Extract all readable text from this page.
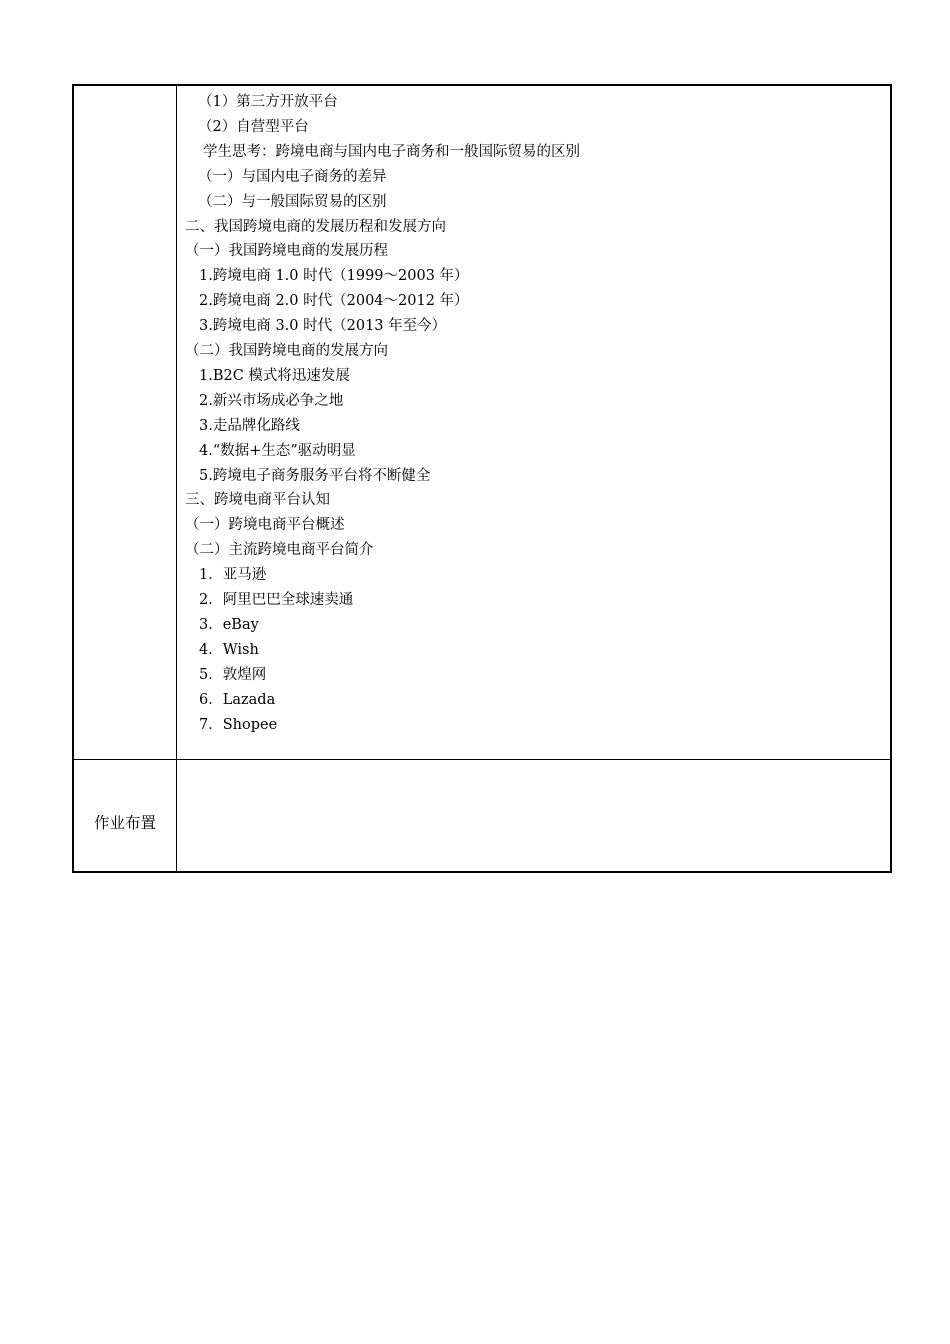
（1）第三方开放平台
（2）自营型平台
学生思考：跨境电商与国内电子商务和一般国际贸易的区别
（一）与国内电子商务的差异
（二）与一般国际贸易的区别
二、我国跨境电商的发展历程和发展方向
（一）我国跨境电商的发展历程
1.跨境电商 1.0 时代（1999～2003 年）
2.跨境电商 2.0 时代（2004～2012 年）
3.跨境电商 3.0 时代（2013 年至今）
（二）我国跨境电商的发展方向
1.B2C 模式将迅速发展
2.新兴市场成必争之地
3.走品牌化路线
4.“数据+生态”驱动明显
5.跨境电子商务服务平台将不断健全
三、跨境电商平台认知
（一）跨境电商平台概述
（二）主流跨境电商平台简介
1．亚马逊
2．阿里巴巴全球速卖通
3．eBay
4．Wish
5．敦煌网
6．Lazada
7．Shopee
作业布置
